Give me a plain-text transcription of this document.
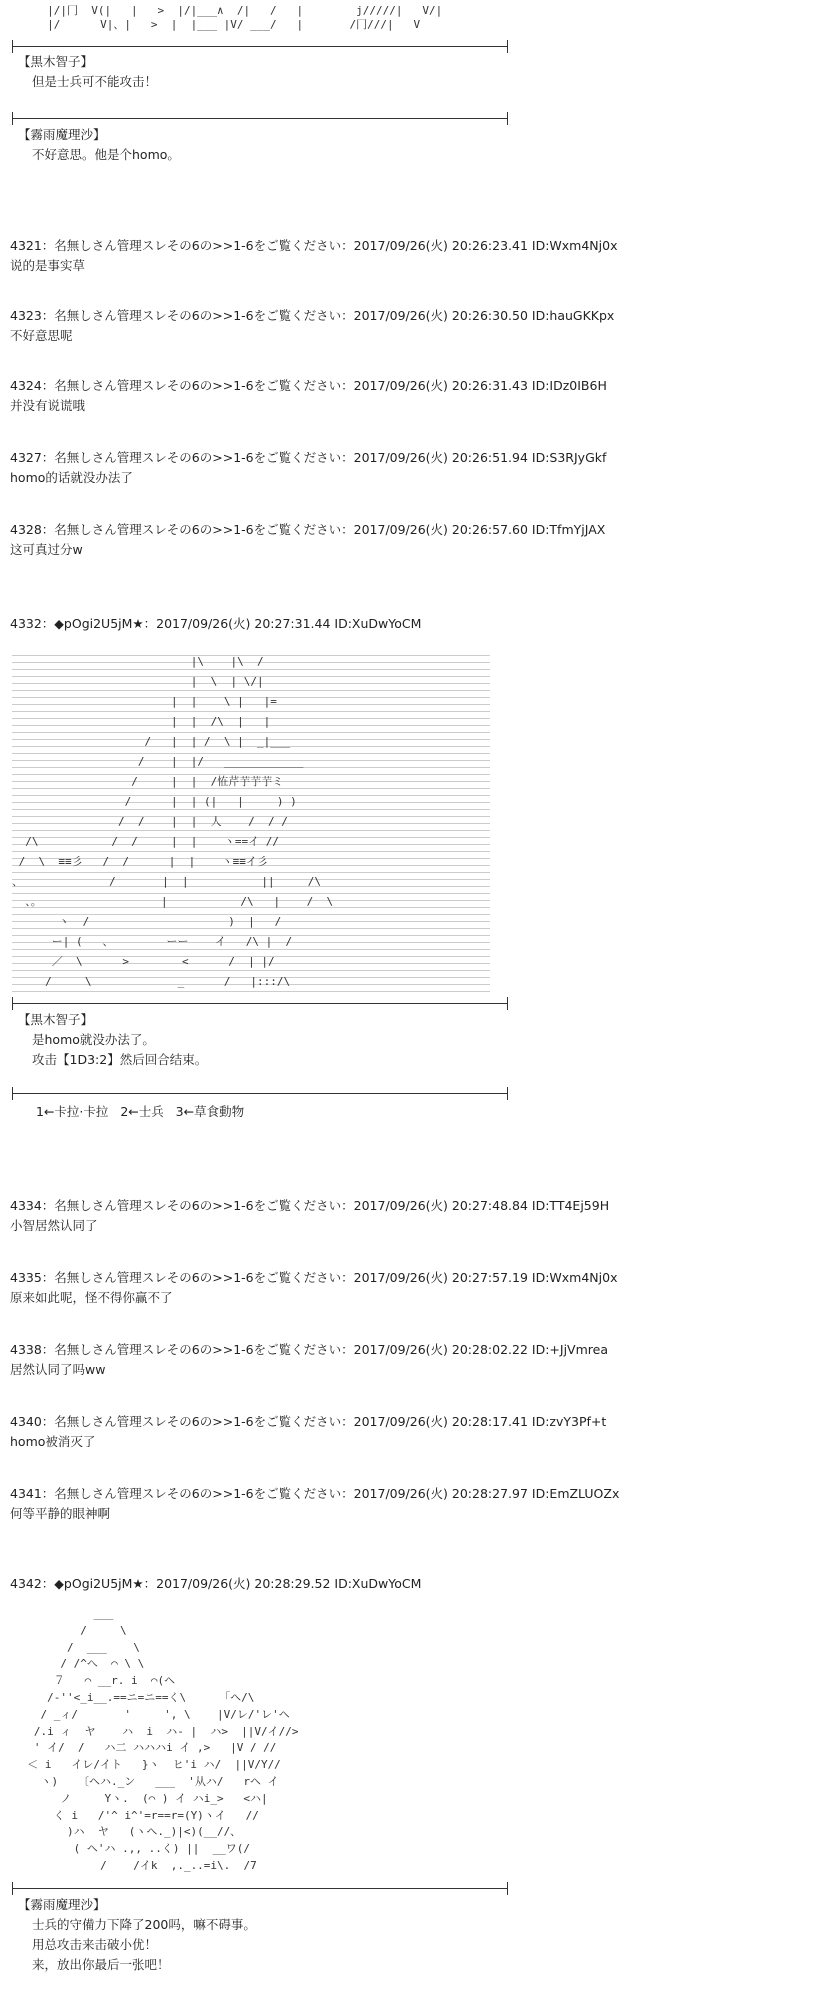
|/|冂  V(|   |   >  |/|___∧  /|   /   |        j/////|   V/|
|/      V|、|   >  |  |___ |V/ ___/   |       /冂///|   V
【黒木智子】
但是士兵可不能攻击！
【霧雨魔理沙】
不好意思。他是个homo。
4321：名無しさん管理スレその6の>>1-6をご覧ください：2017/09/26(火) 20:26:23.41 ID:Wxm4Nj0x
说的是事实草
4323：名無しさん管理スレその6の>>1-6をご覧ください：2017/09/26(火) 20:26:30.50 ID:hauGKKpx
不好意思呢
4324：名無しさん管理スレその6の>>1-6をご覧ください：2017/09/26(火) 20:26:31.43 ID:IDz0IB6H
并没有说谎哦
4327：名無しさん管理スレその6の>>1-6をご覧ください：2017/09/26(火) 20:26:51.94 ID:S3RJyGkf
homo的话就没办法了
4328：名無しさん管理スレその6の>>1-6をご覧ください：2017/09/26(火) 20:26:57.60 ID:TfmYjJAX
这可真过分w
4332：◆pOgi2U5jM★：2017/09/26(火) 20:27:31.44 ID:XuDwYoCM
|\    |\  /
|  \  | \/|
|  |    \ |   |=
|  |  /\  |   |
/   |  | /  \ |  _|___
/    |  |/   ____________
/     |  |  /恠芹芋芋芋ミ
/      |  | (|   |     ) )
/  /    |  |  人    /  / /
/\           /  /     |  |    ヽ==イ //
/  \  ≡≡彡   /  /      |  |    ヽ≡≡イ彡
、             /       |  |           ||     /\
、。                  |           /\   |    /  \
ヽ  /                     )  |   /
ー| (   、        ーー    イ   /\ |  /
／  \      >        <      /  | |/
/     \             _      /   |:::/\
【黒木智子】
是homo就没办法了。
攻击【1D3:2】然后回合结束。
1←卡拉·卡拉   2←士兵   3←草食動物
4334：名無しさん管理スレその6の>>1-6をご覧ください：2017/09/26(火) 20:27:48.84 ID:TT4Ej59H
小智居然认同了
4335：名無しさん管理スレその6の>>1-6をご覧ください：2017/09/26(火) 20:27:57.19 ID:Wxm4Nj0x
原来如此呢，怪不得你赢不了
4338：名無しさん管理スレその6の>>1-6をご覧ください：2017/09/26(火) 20:28:02.22 ID:+JjVmrea
居然认同了吗ww
4340：名無しさん管理スレその6の>>1-6をご覧ください：2017/09/26(火) 20:28:17.41 ID:zvY3Pf+t
homo被消灭了
4341：名無しさん管理スレその6の>>1-6をご覧ください：2017/09/26(火) 20:28:27.97 ID:EmZLUOZx
何等平静的眼神啊
4342：◆pOgi2U5jM★：2017/09/26(火) 20:28:29.52 ID:XuDwYoCM
___
/     \
/  ___    \
/ /^へ  ⌒ \ \
７   ⌒ __r. i  ⌒(ヘ
/-''<_i__.==ニ=ニ==く\     「ヘ/\
/ _ィ/       '     ', \    |V/レ/'レ'ヘ
/.i ィ  ヤ    ハ  i  ハ- |  ハ>  ||V/イ//>
' イ/  /   ハ二 ハハハi イ ,>   |V / //
＜ i   イレ/イト   }ヽ  ヒ'i ハ/  ||V/Y//
ヽ)   〔ヘハ._ン   ___  '从ハ/   rヘ イ
ノ     Yヽ.  (⌒ ) イ ハi_>   <ハ|
く i   /'^ i^'=r==r=(Y)ヽイ   //
)ハ  ヤ   (ヽヘ._)|<)(__//、
( ヘ'ハ .,, ..く) ||  __ワ(/
/    /イk  ,._..=i\.  /7
【霧雨魔理沙】
士兵的守備力下降了200吗，嘛不碍事。
用总攻击来击破小优！
来，放出你最后一张吧！
